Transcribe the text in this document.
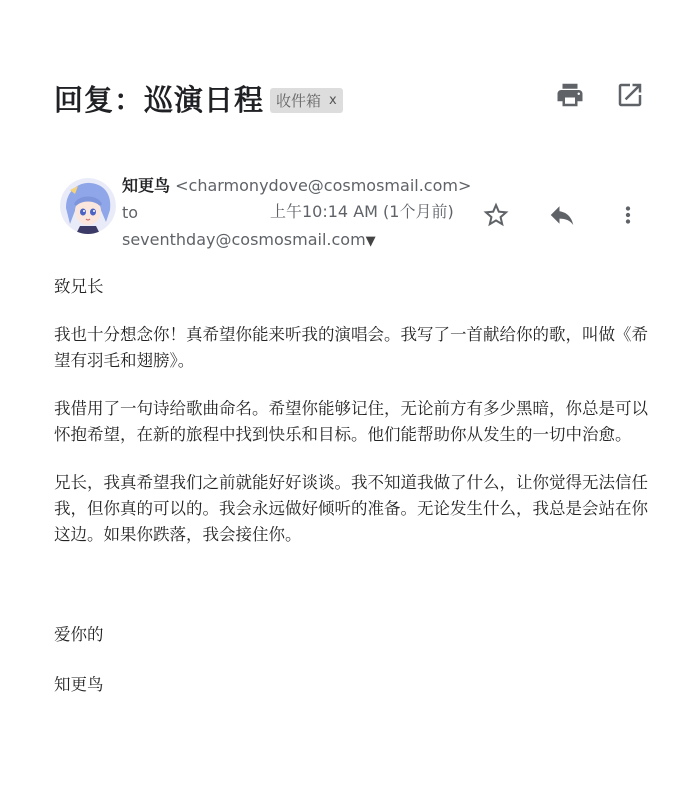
回复：巡演日程 收件箱 x
知更鸟 <charmonydove@cosmosmail.com>
to
seventhday@cosmosmail.com▼
上午10:14 AM (1个月前)

致兄长

我也十分想念你！真希望你能来听我的演唱会。我写了一首献给你的歌，叫做《希望有羽毛和翅膀》。

我借用了一句诗给歌曲命名。希望你能够记住，无论前方有多少黑暗，你总是可以怀抱希望，在新的旅程中找到快乐和目标。他们能帮助你从发生的一切中治愈。

兄长，我真希望我们之前就能好好谈谈。我不知道我做了什么，让你觉得无法信任我，但你真的可以的。我会永远做好倾听的准备。无论发生什么，我总是会站在你这边。如果你跌落，我会接住你。

爱你的

知更鸟
